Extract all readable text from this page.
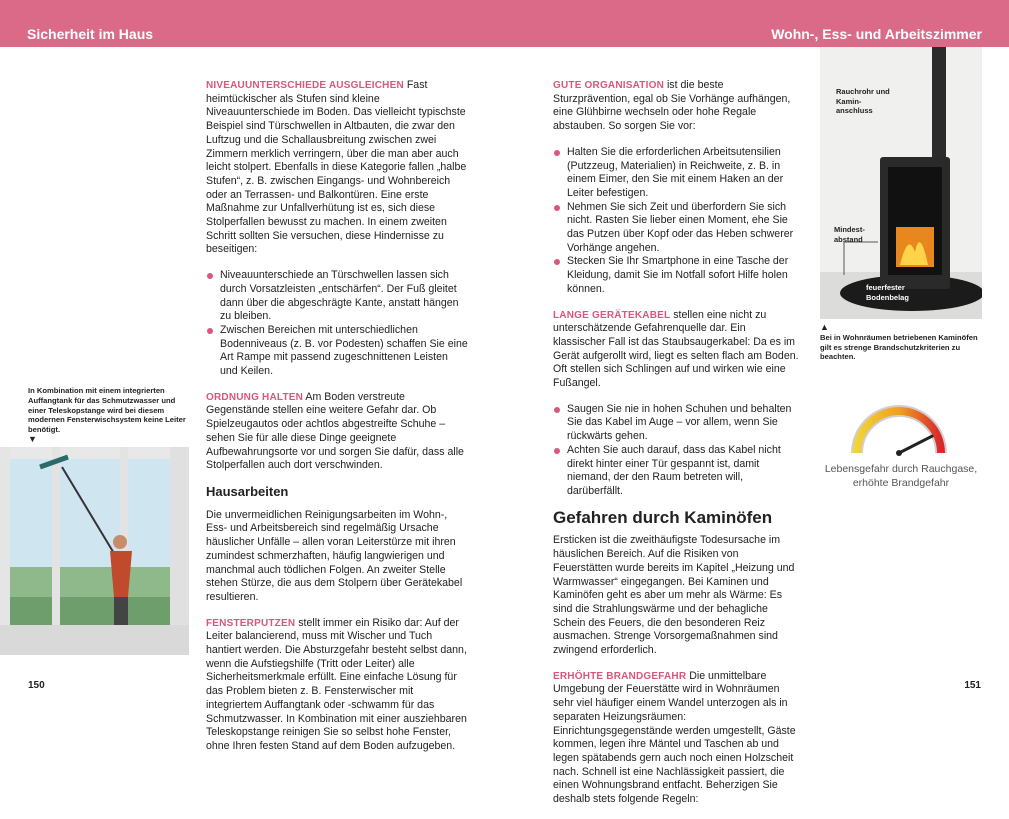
Sicherheit im Haus	Wohn-, Ess- und Arbeitszimmer
In Kombination mit einem integrierten Auffangtank für das Schmutzwasser und einer Teleskopstange wird bei diesem modernen Fensterwischsystem keine Leiter benötigt.
▼

NIVEAUUNTERSCHIEDE AUSGLEICHEN Fast heimtückischer als Stufen sind kleine Niveauunterschiede im Boden. Das vielleicht typischste Beispiel sind Türschwellen in Altbauten, die zwar den Luftzug und die Schallausbreitung zwischen zwei Zimmern merklich verringern, über die man aber auch leicht stolpert. Ebenfalls in diese Kategorie fallen „halbe Stufen“, z. B. zwischen Eingangs- und Wohnbereich oder an Terrassen- und Balkontüren. Eine erste Maßnahme zur Unfallverhütung ist es, sich diese Stolperfallen bewusst zu machen. In einem zweiten Schritt sollten Sie versuchen, diese Hindernisse zu beseitigen:

Niveauunterschiede an Türschwellen lassen sich durch Vorsatzleisten „entschärfen“. Der Fuß gleitet dann über die abgeschrägte Kante, anstatt hängen zu bleiben.
Zwischen Bereichen mit unterschiedlichen Bodenniveaus (z. B. vor Podesten) schaffen Sie eine Art Rampe mit passend zugeschnittenen Leisten und Keilen.

ORDNUNG HALTEN Am Boden verstreute Gegenstände stellen eine weitere Gefahr dar. Ob Spielzeugautos oder achtlos abgestreifte Schuhe – sehen Sie für alle diese Dinge geeignete Aufbewahrungsorte vor und sorgen Sie dafür, dass alle Stolperfallen auch dort verschwinden.

Hausarbeiten

Die unvermeidlichen Reinigungsarbeiten im Wohn-, Ess- und Arbeitsbereich sind regelmäßig Ursache häuslicher Unfälle – allen voran Leiterstürze mit ihren zumindest schmerzhaften, häufig langwierigen und manchmal auch tödlichen Folgen. An zweiter Stelle stehen Stürze, die aus dem Stolpern über Gerätekabel resultieren.

FENSTERPUTZEN stellt immer ein Risiko dar: Auf der Leiter balancierend, muss mit Wischer und Tuch hantiert werden. Die Absturzgefahr besteht selbst dann, wenn die Aufstiegshilfe (Tritt oder Leiter) alle Sicherheitsmerkmale erfüllt. Eine einfache Lösung für das Problem bieten z. B. Fensterwischer mit integriertem Auffangtank oder -schwamm für das Schmutzwasser. In Kombination mit einer ausziehbaren Teleskopstange reinigen Sie so selbst hohe Fenster, ohne Ihren festen Stand auf dem Boden aufzugeben.

GUTE ORGANISATION ist die beste Sturzprävention, egal ob Sie Vorhänge aufhängen, eine Glühbirne wechseln oder hohe Regale abstauben. So sorgen Sie vor:

Halten Sie die erforderlichen Arbeitsutensilien (Putzzeug, Materialien) in Reichweite, z. B. in einem Eimer, den Sie mit einem Haken an der Leiter befestigen.
Nehmen Sie sich Zeit und überfordern Sie sich nicht. Rasten Sie lieber einen Moment, ehe Sie das Putzen über Kopf oder das Heben schwerer Vorhänge angehen.
Stecken Sie Ihr Smartphone in eine Tasche der Kleidung, damit Sie im Notfall sofort Hilfe holen können.

LANGE GERÄTEKABEL stellen eine nicht zu unterschätzende Gefahrenquelle dar. Ein klassischer Fall ist das Staubsaugerkabel: Da es im Gerät aufgerollt wird, liegt es selten flach am Boden. Oft stellen sich Schlingen auf und wirken wie eine Fußangel.

Saugen Sie nie in hohen Schuhen und behalten Sie das Kabel im Auge – vor allem, wenn Sie rückwärts gehen.
Achten Sie auch darauf, dass das Kabel nicht direkt hinter einer Tür gespannt ist, damit niemand, der den Raum betreten will, darüberfällt.
Gefahren durch Kaminöfen

Ersticken ist die zweithäufigste Todesursache im häuslichen Bereich. Auf die Risiken von Feuerstätten wurde bereits im Kapitel „Heizung und Warmwasser“ eingegangen. Bei Kaminen und Kaminöfen geht es aber um mehr als Wärme: Es sind die Strahlungswärme und der behagliche Schein des Feuers, die den besonderen Reiz ausmachen. Strenge Vorsorgemaßnahmen sind zwingend erforderlich.

ERHÖHTE BRANDGEFAHR Die unmittelbare Umgebung der Feuerstätte wird in Wohnräumen sehr viel häufiger einem Wandel unterzogen als in separaten Heizungsräumen: Einrichtungsgegenstände werden umgestellt, Gäste kommen, legen ihre Mäntel und Taschen ab und legen spätabends gern auch noch einen Holzscheit nach. Schnell ist eine Nachlässigkeit passiert, die einen Wohnungsbrand entfacht. Beherzigen Sie deshalb stets folgende Regeln:

Rauchrohr und Kaminanschluss
Mindestabstand
feuerfester Bodenbelag
▲
Bei in Wohnräumen betriebenen Kaminöfen gilt es strenge Brandschutzkriterien zu beachten.
Lebensgefahr durch Rauchgase, erhöhte Brandgefahr
150	151
